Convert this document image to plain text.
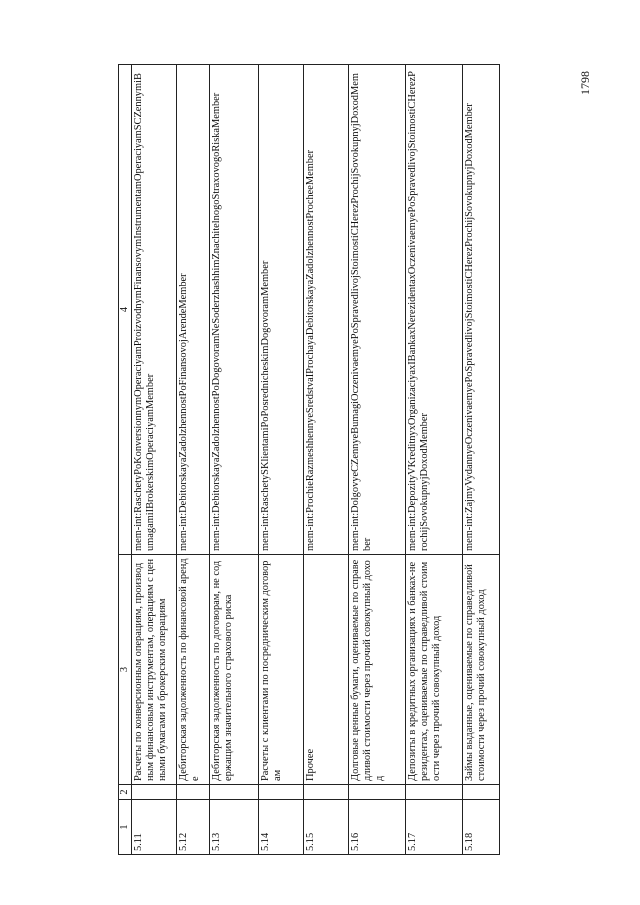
1798
1	2	3	4
5.11		Расчеты по конверсионным операциям, производным финансовым инструментам, операциям с ценными бумагами и брокерским операциям	mem-int:RaschetyPoKonversionnymOperaciyamProizvodnymFinansovymInstrumentamOperaciyamSCZennymiBumagamiIBrokerskimOperaciyamMember
5.12		Дебиторская задолженность по финансовой аренде	mem-int:DebitorskayaZadolzhennostPoFinansovojArendeMember
5.13		Дебиторская задолженность по договорам, не содержащим значительного страхового риска	mem-int:DebitorskayaZadolzhennostPoDogovoramNeSoderzhashhimZnachitelnogoStraxovogoRiskaMember
5.14		Расчеты с клиентами по посредническим договорам	mem-int:RaschetySKlientamiPoPosrednicheskimDogovoramMember
5.15		Прочее	mem-int:ProchieRazmeshhennyeSredstvaIProchayaDebitorskayaZadolzhennostProcheeMember
5.16		Долговые ценные бумаги, оцениваемые по справедливой стоимости через прочий совокупный доход	mem-int:DolgovyeCZennyeBumagiOczenivaemyePoSpravedlivojStoimostiCHerezProchijSovokupnyjDoxodMember
5.17		Депозиты в кредитных организациях и банках-нерезидентах, оцениваемые по справедливой стоимости через прочий совокупный доход	mem-int:DepozityVKreditnyxOrganizaciyaxIBankaxNerezidentaxOczenivaemyePoSpravedlivojStoimostiCHerezProchijSovokupnyjDoxodMember
5.18		Займы выданные, оцениваемые по справедливой стоимости через прочий совокупный доход	mem-int:ZajmyVydannyeOczenivaemyePoSpravedlivojStoimostiCHerezProchijSovokupnyjDoxodMember
